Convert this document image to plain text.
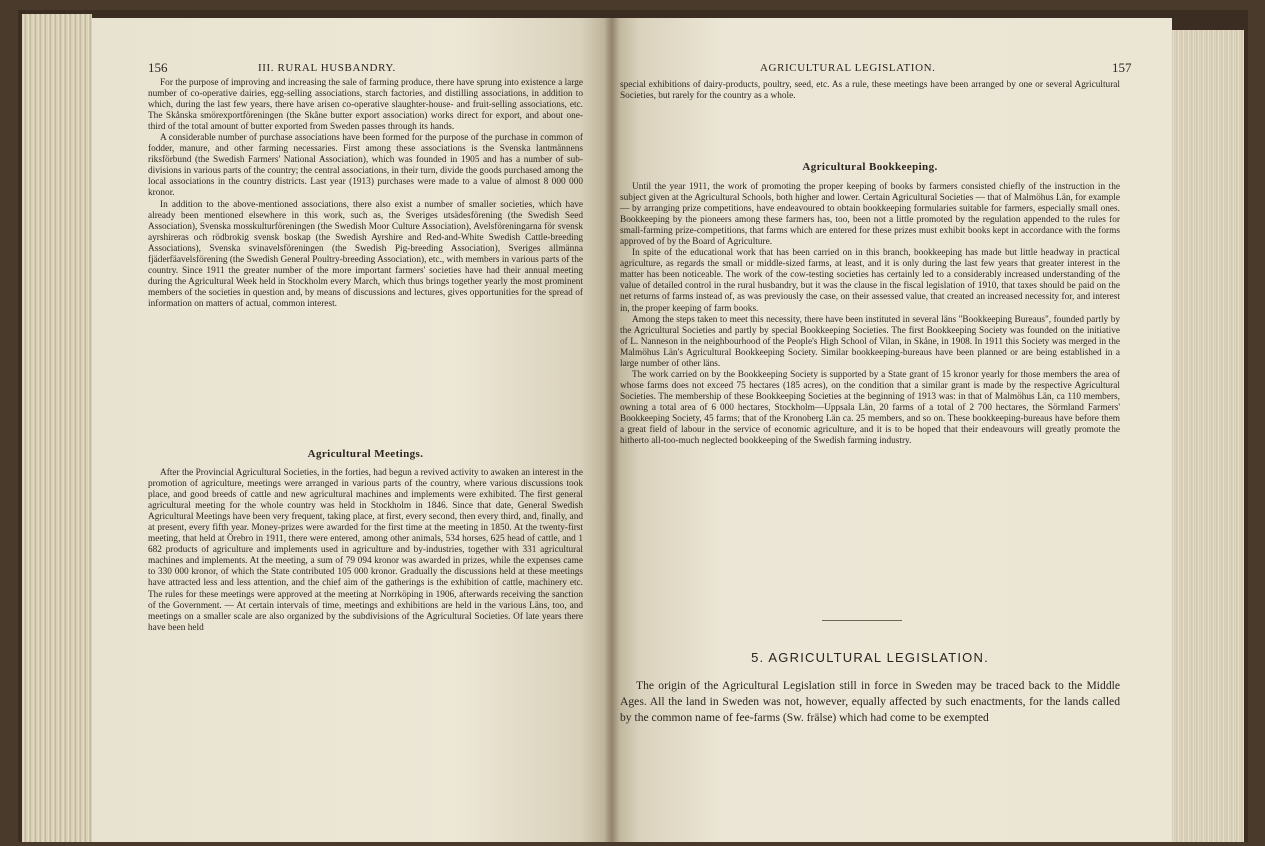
156	III. RURAL HUSBANDRY.

For the purpose of improving and increasing the sale of farming produce, there have sprung into existence a large number of co-operative dairies, egg-selling associations, starch factories, and distilling associations, in addition to which, during the last few years, there have arisen co-operative slaughter-house- and fruit-selling associations, etc. The Skånska smörexportföreningen (the Skåne butter export association) works direct for export, and about one-third of the total amount of butter exported from Sweden passes through its hands.

A considerable number of purchase associations have been formed for the purpose of the purchase in common of fodder, manure, and other farming necessaries. First among these associations is the Svenska lantmännens riksförbund (the Swedish Farmers' National Association), which was founded in 1905 and has a number of sub-divisions in various parts of the country; the central associations, in their turn, divide the goods purchased among the local associations in the country districts. Last year (1913) purchases were made to a value of almost 8 000 000 kronor.

In addition to the above-mentioned associations, there also exist a number of smaller societies, which have already been mentioned elsewhere in this work, such as, the Sveriges utsädesförening (the Swedish Seed Association), Svenska mosskulturföreningen (the Swedish Moor Culture Association), Avelsföreningarna för svensk ayrshireras och rödbrokig svensk boskap (the Swedish Ayrshire and Red-and-White Swedish Cattle-breeding Associations), Svenska svinavelsföreningen (the Swedish Pig-breeding Association), Sveriges allmänna fjäderfäavelsförening (the Swedish General Poultry-breeding Association), etc., with members in various parts of the country. Since 1911 the greater number of the more important farmers' societies have had their annual meeting during the Agricultural Week held in Stockholm every March, which thus brings together yearly the most prominent members of the societies in question and, by means of discussions and lectures, gives opportunities for the spread of information on matters of actual, common interest.

Agricultural Meetings.

After the Provincial Agricultural Societies, in the forties, had begun a revived activity to awaken an interest in the promotion of agriculture, meetings were arranged in various parts of the country, where various discussions took place, and good breeds of cattle and new agricultural machines and implements were exhibited. The first general agricultural meeting for the whole country was held in Stockholm in 1846. Since that date, General Swedish Agricultural Meetings have been very frequent, taking place, at first, every second, then every third, and, finally, and at present, every fifth year. Money-prizes were awarded for the first time at the meeting in 1850. At the twenty-first meeting, that held at Örebro in 1911, there were entered, among other animals, 534 horses, 625 head of cattle, and 1 682 products of agriculture and implements used in agriculture and by-industries, together with 331 agricultural machines and implements. At the meeting, a sum of 79 094 kronor was awarded in prizes, while the expenses came to 330 000 kronor, of which the State contributed 105 000 kronor. Gradually the discussions held at these meetings have attracted less and less attention, and the chief aim of the gatherings is the exhibition of cattle, machinery etc. The rules for these meetings were approved at the meeting at Norrköping in 1906, afterwards receiving the sanction of the Government. — At certain intervals of time, meetings and exhibitions are held in the various Läns, too, and meetings on a smaller scale are also organized by the subdivisions of the Agricultural Societies. Of late years there have been held

AGRICULTURAL LEGISLATION.	157
special exhibitions of dairy-products, poultry, seed, etc. As a rule, these meetings have been arranged by one or several Agricultural Societies, but rarely for the country as a whole.
Agricultural Bookkeeping.

Until the year 1911, the work of promoting the proper keeping of books by farmers consisted chiefly of the instruction in the subject given at the Agricultural Schools, both higher and lower. Certain Agricultural Societies — that of Malmöhus Län, for example — by arranging prize competitions, have endeavoured to obtain bookkeeping formularies suitable for farmers, especially small ones. Bookkeeping by the pioneers among these farmers has, too, been not a little promoted by the regulation appended to the rules for small-farming prize-competitions, that farms which are entered for these prizes must exhibit books kept in accordance with the forms approved of by the Board of Agriculture.

In spite of the educational work that has been carried on in this branch, bookkeeping has made but little headway in practical agriculture, as regards the small or middle-sized farms, at least, and it is only during the last few years that greater interest in the matter has been noticeable. The work of the cow-testing societies has certainly led to a considerably increased understanding of the value of detailed control in the rural husbandry, but it was the clause in the fiscal legislation of 1910, that taxes should be paid on the net returns of farms instead of, as was previously the case, on their assessed value, that created an increased necessity for, and interest in, the proper keeping of farm books.

Among the steps taken to meet this necessity, there have been instituted in several läns "Bookkeeping Bureaus", founded partly by the Agricultural Societies and partly by special Bookkeeping Societies. The first Bookkeeping Society was founded on the initiative of L. Nanneson in the neighbourhood of the People's High School of Vilan, in Skåne, in 1908. In 1911 this Society was merged in the Malmöhus Län's Agricultural Bookkeeping Society. Similar bookkeeping-bureaus have been planned or are being established in a large number of other läns.

The work carried on by the Bookkeeping Society is supported by a State grant of 15 kronor yearly for those members the area of whose farms does not exceed 75 hectares (185 acres), on the condition that a similar grant is made by the respective Agricultural Societies. The membership of these Bookkeeping Societies at the beginning of 1913 was: in that of Malmöhus Län, ca 110 members, owning a total area of 6 000 hectares, Stockholm—Uppsala Län, 20 farms of a total of 2 700 hectares, the Sörmland Farmers' Bookkeeping Society, 45 farms; that of the Kronoberg Län ca. 25 members, and so on. These bookkeeping-bureaus have before them a great field of labour in the service of economic agriculture, and it is to be hoped that their endeavours will greatly promote the hitherto all-too-much neglected bookkeeping of the Swedish farming industry.

5. AGRICULTURAL LEGISLATION.

The origin of the Agricultural Legislation still in force in Sweden may be traced back to the Middle Ages. All the land in Sweden was not, however, equally affected by such enactments, for the lands called by the common name of fee-farms (Sw. frälse) which had come to be exempted
